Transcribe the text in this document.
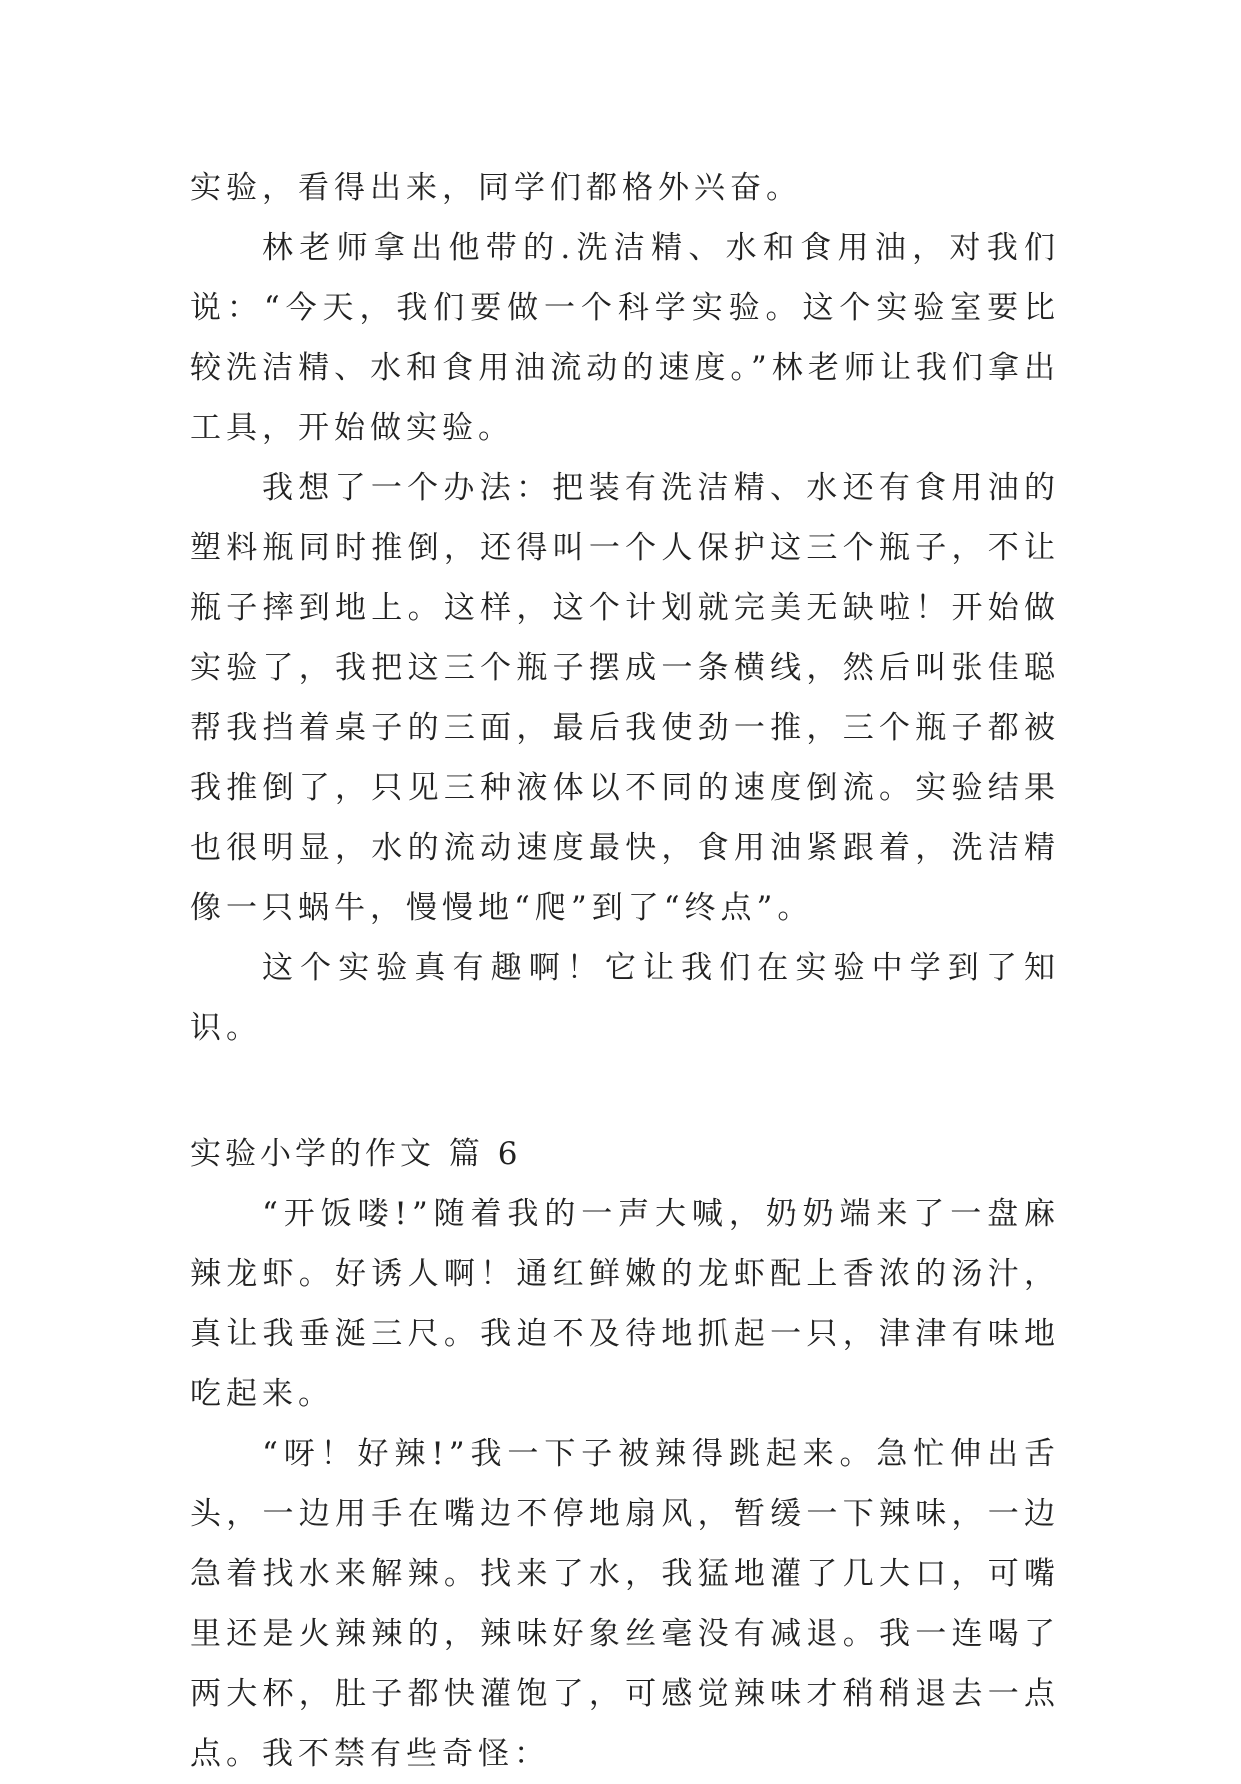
实验，看得出来，同学们都格外兴奋。

林老师拿出他带的.洗洁精、水和食用油，对我们说：“今天，我们要做一个科学实验。这个实验室要比较洗洁精、水和食用油流动的速度。”林老师让我们拿出工具，开始做实验。

我想了一个办法：把装有洗洁精、水还有食用油的塑料瓶同时推倒，还得叫一个人保护这三个瓶子，不让瓶子摔到地上。这样，这个计划就完美无缺啦！开始做实验了，我把这三个瓶子摆成一条横线，然后叫张佳聪帮我挡着桌子的三面，最后我使劲一推，三个瓶子都被我推倒了，只见三种液体以不同的速度倒流。实验结果也很明显，水的流动速度最快，食用油紧跟着，洗洁精像一只蜗牛，慢慢地“爬”到了“终点”。

这个实验真有趣啊！它让我们在实验中学到了知识。

实验小学的作文 篇 6

“开饭喽!”随着我的一声大喊，奶奶端来了一盘麻辣龙虾。好诱人啊！通红鲜嫩的龙虾配上香浓的汤汁，真让我垂涎三尺。我迫不及待地抓起一只，津津有味地吃起来。

“呀！好辣!”我一下子被辣得跳起来。急忙伸出舌头，一边用手在嘴边不停地扇风，暂缓一下辣味，一边急着找水来解辣。找来了水，我猛地灌了几大口，可嘴里还是火辣辣的，辣味好象丝毫没有减退。我一连喝了两大杯，肚子都快灌饱了，可感觉辣味才稍稍退去一点点。我不禁有些奇怪：
